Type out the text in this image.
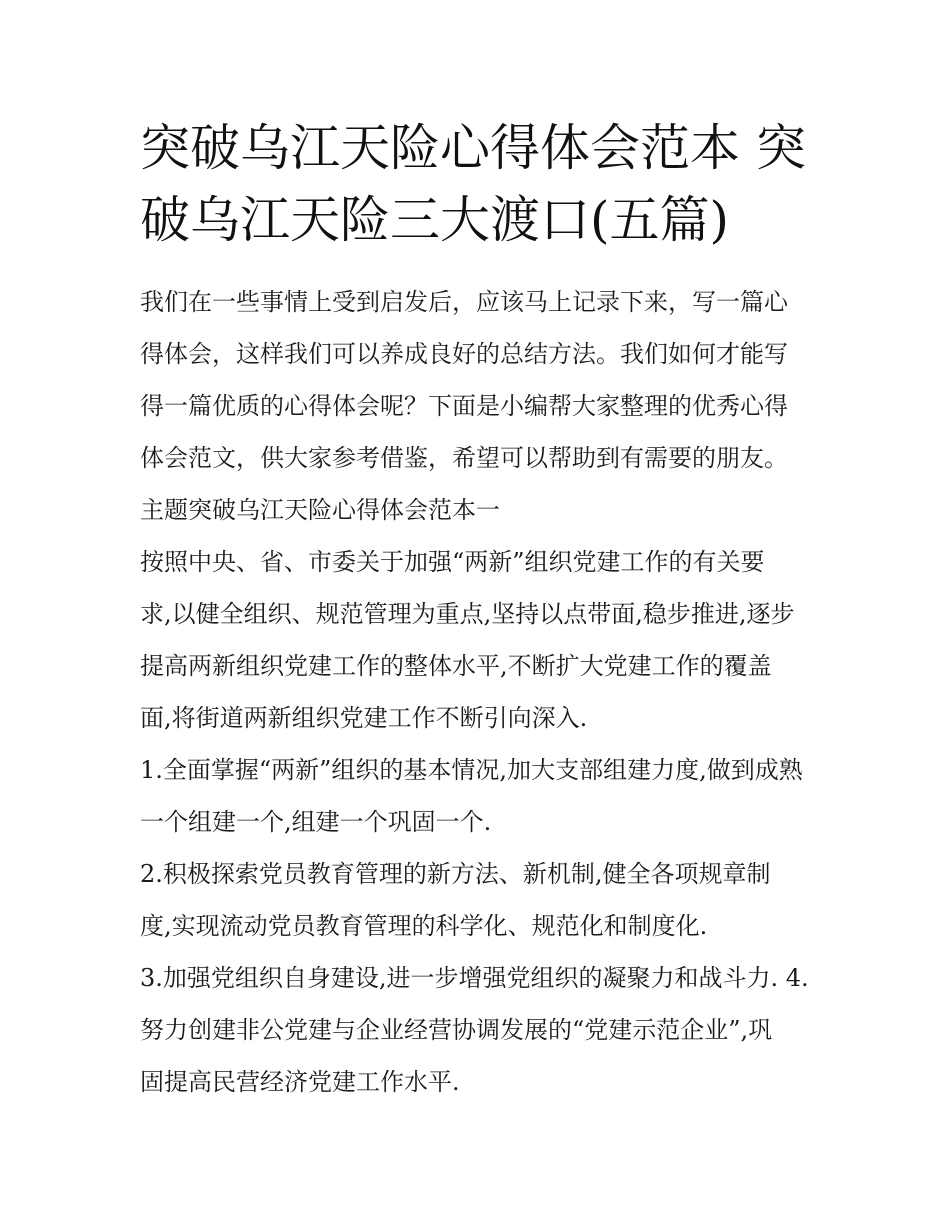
突破乌江天险心得体会范本 突
破乌江天险三大渡口(五篇)
我们在一些事情上受到启发后，应该马上记录下来，写一篇心
得体会，这样我们可以养成良好的总结方法。我们如何才能写
得一篇优质的心得体会呢？下面是小编帮大家整理的优秀心得
体会范文，供大家参考借鉴，希望可以帮助到有需要的朋友。
主题突破乌江天险心得体会范本一
按照中央、省、市委关于加强“两新”组织党建工作的有关要
求,以健全组织、规范管理为重点,坚持以点带面,稳步推进,逐步
提高两新组织党建工作的整体水平,不断扩大党建工作的覆盖
面,将街道两新组织党建工作不断引向深入.
1.全面掌握“两新”组织的基本情况,加大支部组建力度,做到成熟
一个组建一个,组建一个巩固一个.
2.积极探索党员教育管理的新方法、新机制,健全各项规章制
度,实现流动党员教育管理的科学化、规范化和制度化.
3.加强党组织自身建设,进一步增强党组织的凝聚力和战斗力. 4.
努力创建非公党建与企业经营协调发展的“党建示范企业”,巩
固提高民营经济党建工作水平.
